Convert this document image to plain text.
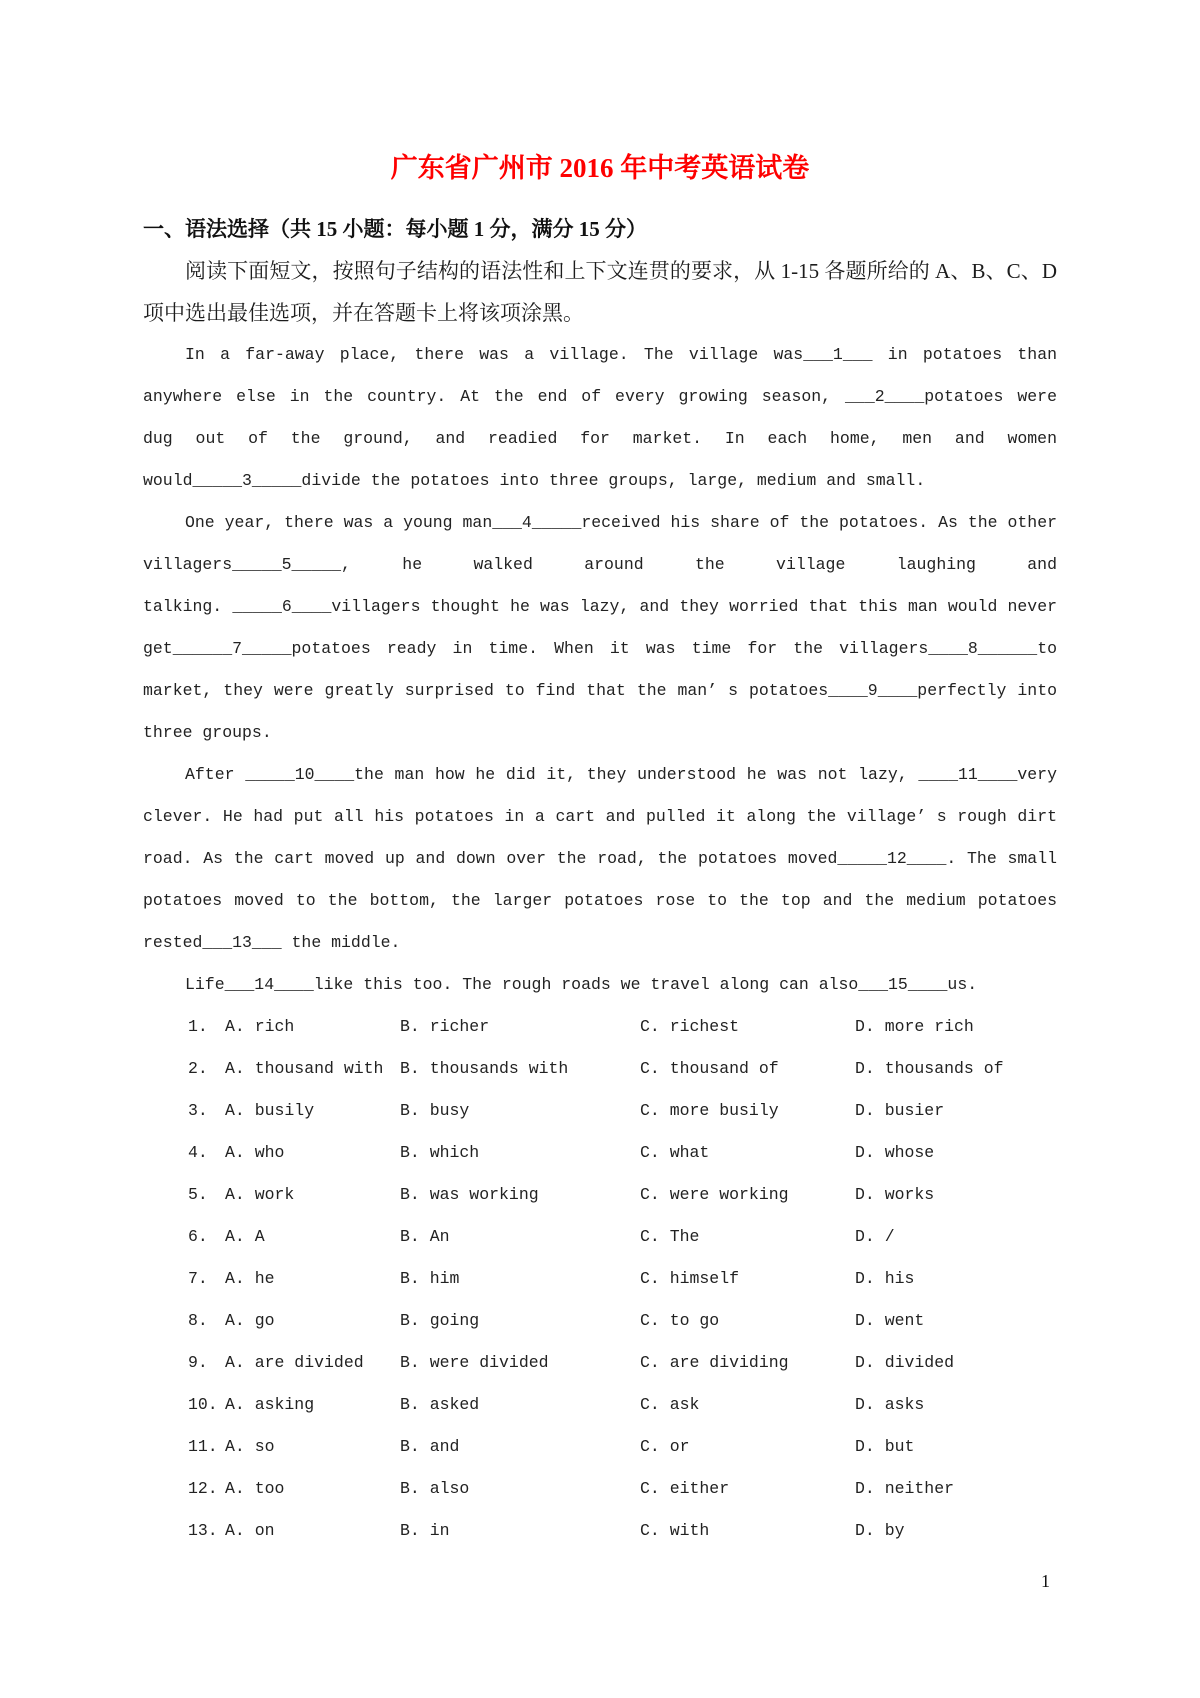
广东省广州市 2016 年中考英语试卷
一、语法选择（共 15 小题：每小题 1 分，满分 15 分）
阅读下面短文，按照句子结构的语法性和上下文连贯的要求，从 1-15 各题所给的 A、B、C、D
项中选出最佳选项，并在答题卡上将该项涂黑。
In a far-away place, there was a village. The village was___1___ in potatoes than
anywhere else in the country. At the end of every growing season, ___2____potatoes were
dug out of the ground, and readied for market. In each home, men and women
would_____3_____divide the potatoes into three groups, large, medium and small.
One year, there was a young man___4_____received his share of the potatoes. As the other
villagers_____5_____, he walked around the village laughing and
talking. _____6____villagers thought he was lazy, and they worried that this man would never
get______7_____potatoes ready in time. When it was time for the villagers____8______to
market, they were greatly surprised to find that the man’ s potatoes____9____perfectly into
three groups.
After _____10____the man how he did it, they understood he was not lazy, ____11____very
clever. He had put all his potatoes in a cart and pulled it along the village’ s rough dirt
road. As the cart moved up and down over the road, the potatoes moved_____12____. The small
potatoes moved to the bottom, the larger potatoes rose to the top and the medium potatoes
rested___13___ the middle.
Life___14____like this too. The rough roads we travel along can also___15____us.
1.	A. rich	B. richer	C. richest	D. more rich
2.	A. thousand with	B. thousands with	C. thousand of	D. thousands of
3.	A. busily	B. busy	C. more busily	D. busier
4.	A. who	B. which	C. what	D. whose
5.	A. work	B. was working	C. were working	D. works
6.	A. A	B. An	C. The	D. /
7.	A. he	B. him	C. himself	D. his
8.	A. go	B. going	C. to go	D. went
9.	A. are divided	B. were divided	C. are dividing	D. divided
10. A. asking	B. asked	C. ask	D. asks
11. A. so	B. and	C. or	D. but
12. A. too	B. also	C. either	D. neither
13. A. on	B. in	C. with	D. by
1
